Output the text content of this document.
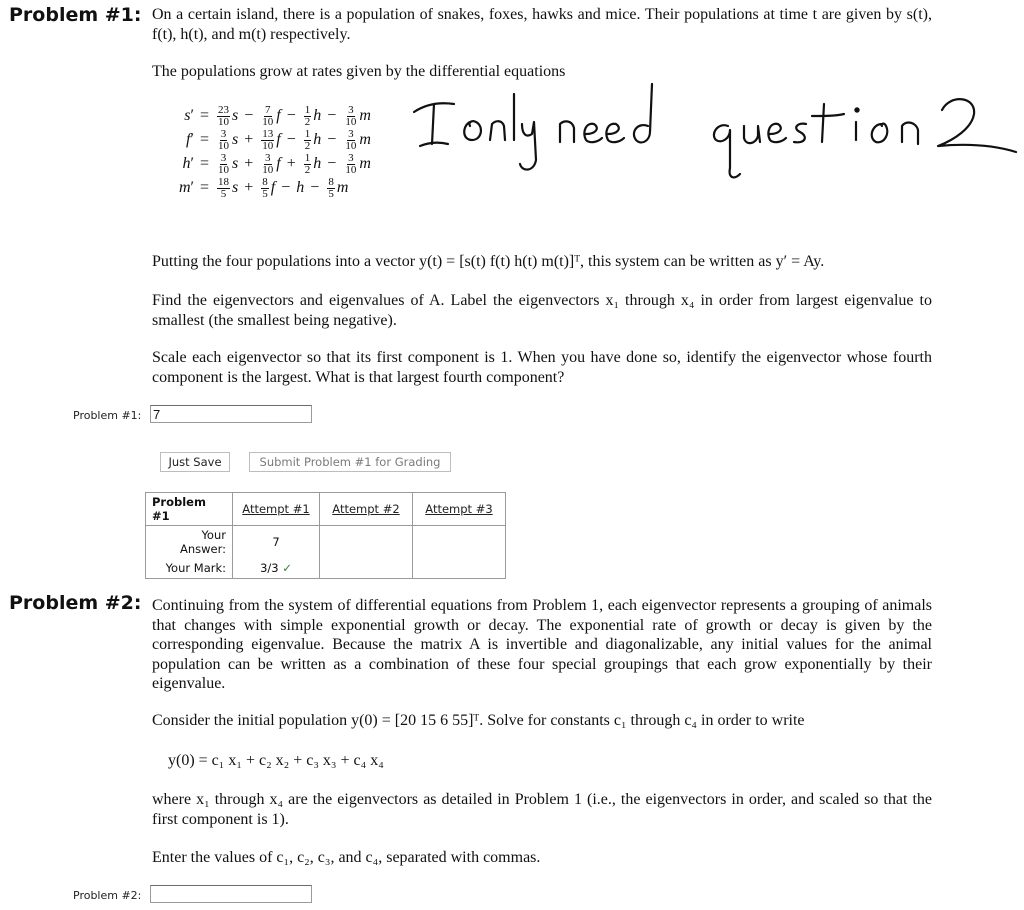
Problem #1: On a certain island, there is a population of snakes, foxes, hawks and mice. Their populations at time t are given by s(t), f(t), h(t), and m(t) respectively.
The populations grow at rates given by the differential equations
$s' = \frac{23}{10}$ $s - \frac{7}{10}$ $f - \frac{1}{2}$ $h - \frac{3}{10}$ m
$f' = \frac{3}{10}$ $s + \frac{13}{10}$ $f - \frac{1}{2}$ $h - \frac{3}{10}$ m
$h' = \frac{3}{10}$ $s + \frac{3}{10}$ $f + \frac{1}{2}$ $h - \frac{3}{10}$ m
$m' = \frac{18}{5}$ $s + \frac{8}{5}$ $f - h - \frac{8}{5}$ m
Putting the four populations into a vector y(t) = [s(t) f(t) h(t) m(t)]ᵀ, this system can be written as y′ = Ay.
Find the eigenvectors and eigenvalues of A. Label the eigenvectors x₁ through x₄ in order from largest eigenvalue to smallest (the smallest being negative).
Scale each eigenvector so that its first component is 1. When you have done so, identify the eigenvector whose fourth component is the largest. What is that largest fourth component?
Problem #1:
7
Just Save	Submit Problem #1 for Grading
Problem #1	Attempt #1	Attempt #2	Attempt #3
Your Answer:	7		
Your Mark:	3/3 ✓		
Problem #2: Continuing from the system of differential equations from Problem 1, each eigenvector represents a grouping of animals that changes with simple exponential growth or decay. The exponential rate of growth or decay is given by the corresponding eigenvalue. Because the matrix A is invertible and diagonalizable, any initial values for the animal population can be written as a combination of these four special groupings that each grow exponentially by their eigenvalue.
Consider the initial population y(0) = [20 15 6 55]ᵀ. Solve for constants c₁ through c₄ in order to write
y(0) = c₁ x₁ + c₂ x₂ + c₃ x₃ + c₄ x₄
where x₁ through x₄ are the eigenvectors as detailed in Problem 1 (i.e., the eigenvectors in order, and scaled so that the first component is 1).
Enter the values of c₁, c₂, c₃, and c₄, separated with commas.
Problem #2:
